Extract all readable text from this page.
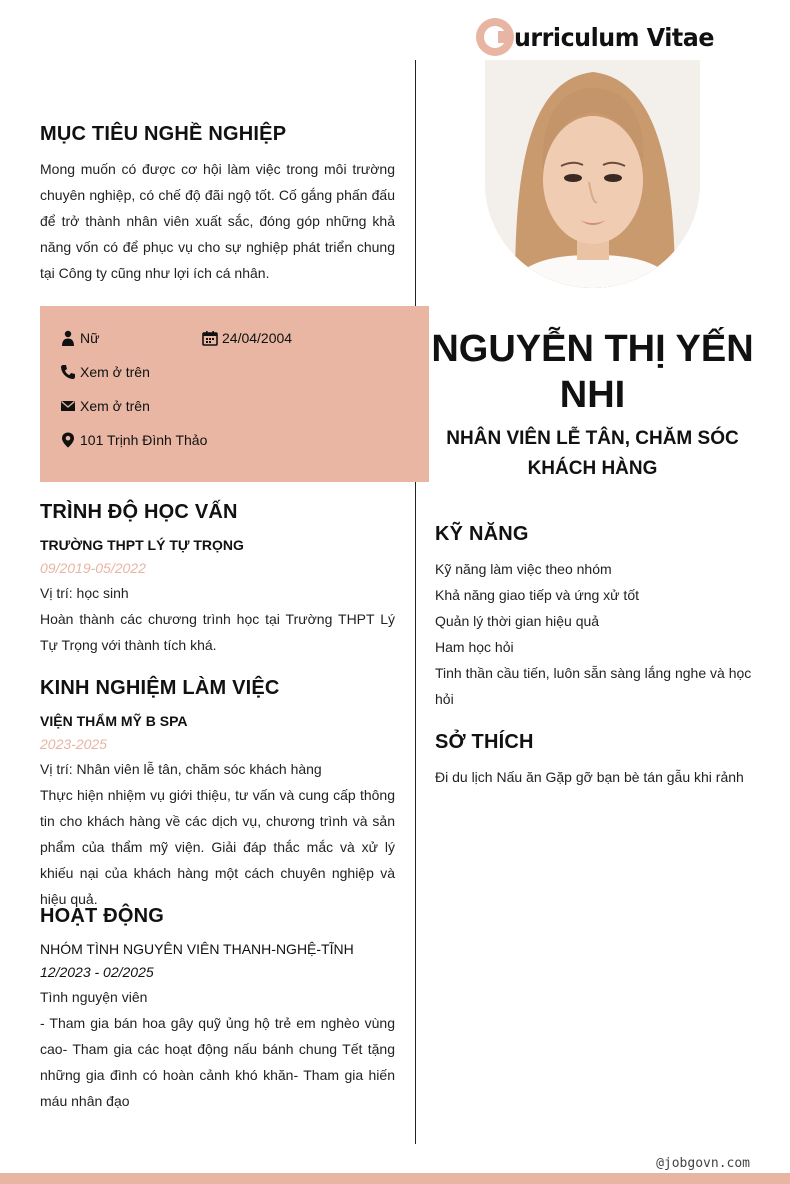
urriculum Vitae
MỤC TIÊU NGHỀ NGHIỆP

Mong muốn có được cơ hội làm việc trong môi trường chuyên nghiệp, có chế độ đãi ngộ tốt. Cố gắng phấn đấu để trở thành nhân viên xuất sắc, đóng góp những khả năng vốn có để phục vụ cho sự nghiệp phát triển chung tại Công ty cũng như lợi ích cá nhân.

Nữ	24/04/2004
Xem ở trên
Xem ở trên
101 Trịnh Đình Thảo
TRÌNH ĐỘ HỌC VẤN
TRƯỜNG THPT LÝ TỰ TRỌNG
09/2019-05/2022
Vị trí: học sinh

Hoàn thành các chương trình học tại Trường THPT Lý Tự Trọng với thành tích khá.

KINH NGHIỆM LÀM VIỆC
VIỆN THẨM MỸ B SPA
2023-2025
Vị trí: Nhân viên lễ tân, chăm sóc khách hàng

Thực hiện nhiệm vụ giới thiệu, tư vấn và cung cấp thông tin cho khách hàng về các dịch vụ, chương trình và sản phẩm của thẩm mỹ viện. Giải đáp thắc mắc và xử lý khiếu nại của khách hàng một cách chuyên nghiệp và hiệu quả.

HOẠT ĐỘNG
NHÓM TÌNH NGUYÊN VIÊN THANH-NGHỆ-TĨNH
12/2023 - 02/2025
Tình nguyện viên

- Tham gia bán hoa gây quỹ ủng hộ trẻ em nghèo vùng cao- Tham gia các hoạt động nấu bánh chung Tết tặng những gia đình có hoàn cảnh khó khăn- Tham gia hiến máu nhân đạo

NGUYỄN THỊ YẾN NHI
NHÂN VIÊN LỄ TÂN, CHĂM SÓC KHÁCH HÀNG
KỸ NĂNG
Kỹ năng làm việc theo nhóm
Khả năng giao tiếp và ứng xử tốt
Quản lý thời gian hiệu quả
Ham học hỏi
Tinh thần cầu tiến, luôn sẵn sàng lắng nghe và học hỏi
SỞ THÍCH
Đi du lịch Nấu ăn Gặp gỡ bạn bè tán gẫu khi rảnh
@jobgovn.com
